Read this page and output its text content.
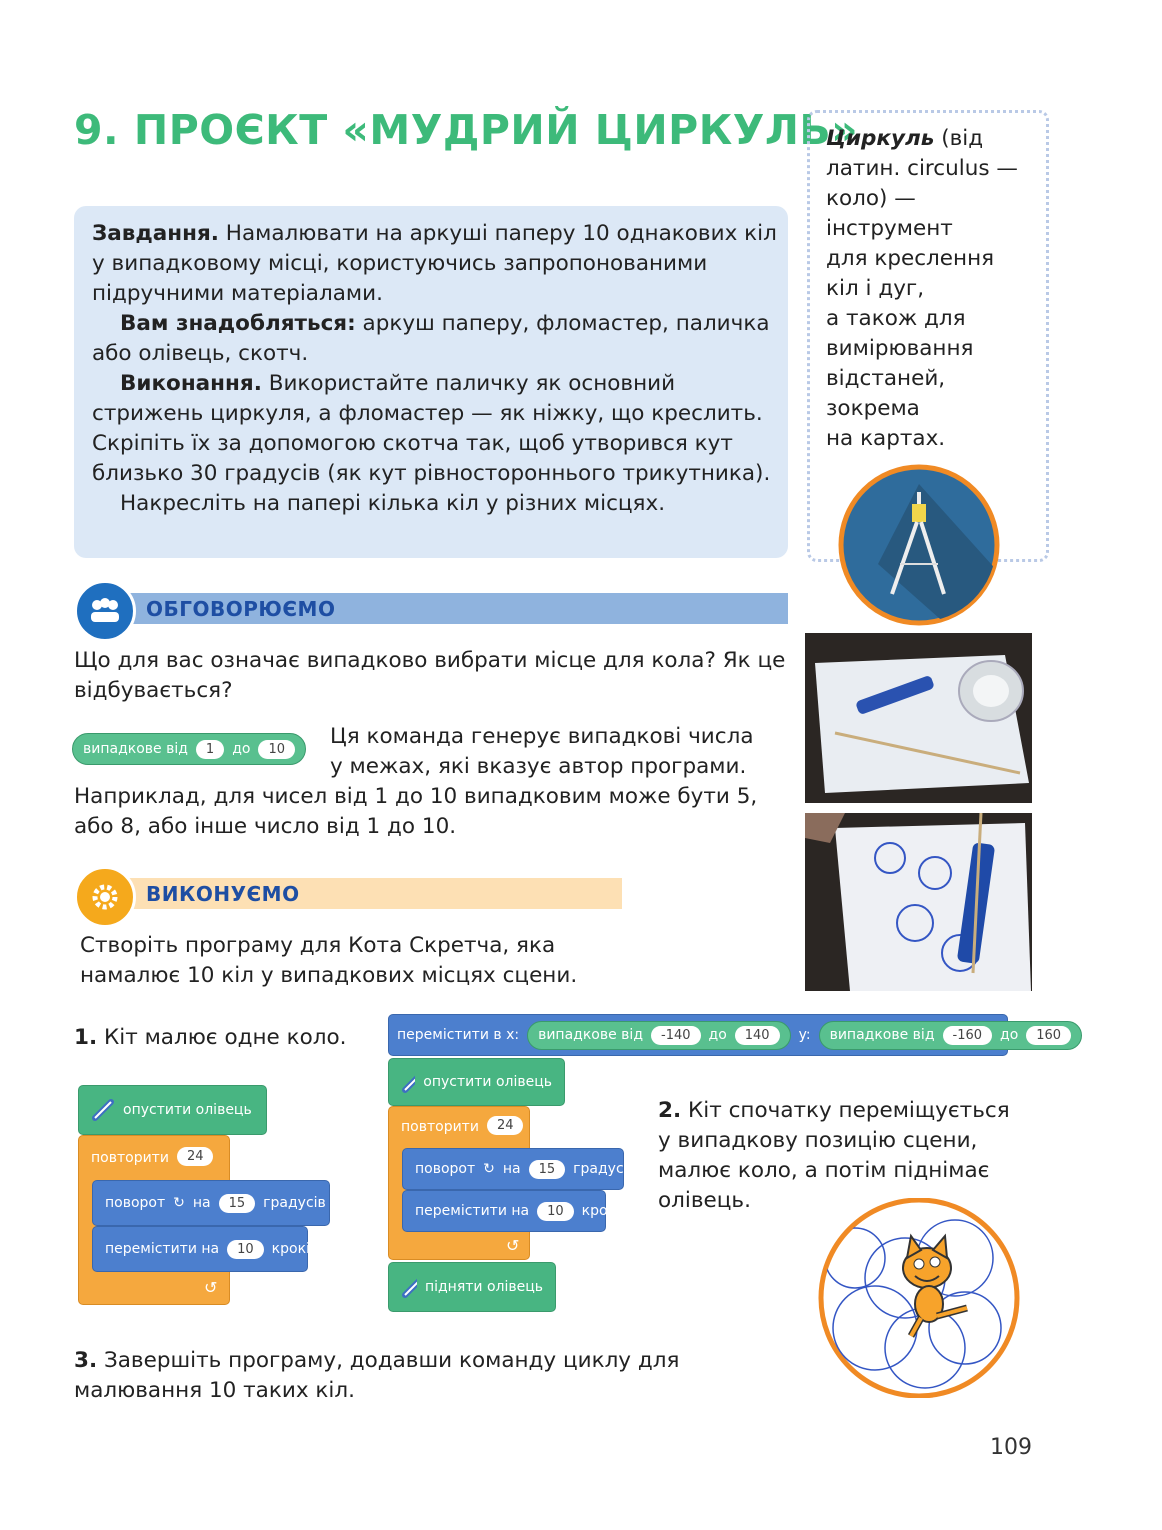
9. ПРОЄКТ «МУДРИЙ ЦИРКУЛЬ»

Завдання. Намалювати на аркуші паперу 10 однакових кіл у випадковому місці, користуючись запропонованими підручними матеріалами.

Вам знадобляться: аркуш паперу, фломастер, паличка або олівець, скотч.

Виконання. Використайте паличку як основний стрижень циркуля, а фломастер — як ніжку, що креслить. Скріпіть їх за допомогою скотча так, щоб утворився кут близько 30 градусів (як кут рівностороннього трикутника).

Накресліть на папері кілька кіл у різних місцях.

Циркуль (від
латин. circulus —
коло) —
інструмент
для креслення
кіл і дуг,
а також для
вимірювання
відстаней,
зокрема
на картах.
ОБГОВОРЮЄМО
Що для вас означає випадково вибрати місце для кола? Як це відбувається?
випадкове від	1	до	10	Ця команда генерує випадкові числа
у межах, які вказує автор програми.
Наприклад, для чисел від 1 до 10 випадковим може бути 5, або 8, або інше число від 1 до 10.
ВИКОНУЄМО
Створіть програму для Кота Скретча, яка
намалює 10 кіл у випадкових місцях сцени.
1. Кіт малює одне коло.
опустити олівець
повторити	24
поворот ↻ на	15	градусів
перемістити на	10	кроків
↺
перемістити в x: випадкове від	-140	до	140	y: випадкове від	-160	до	160
опустити олівець
повторити	24
поворот ↻ на	15	градусів
перемістити на	10	кроків
↺
підняти олівець
2. Кіт спочатку переміщується
у випадкову позицію сцени,
малює коло, а потім піднімає
олівець.
3. Завершіть програму, додавши команду циклу для малювання 10 таких кіл.
109
